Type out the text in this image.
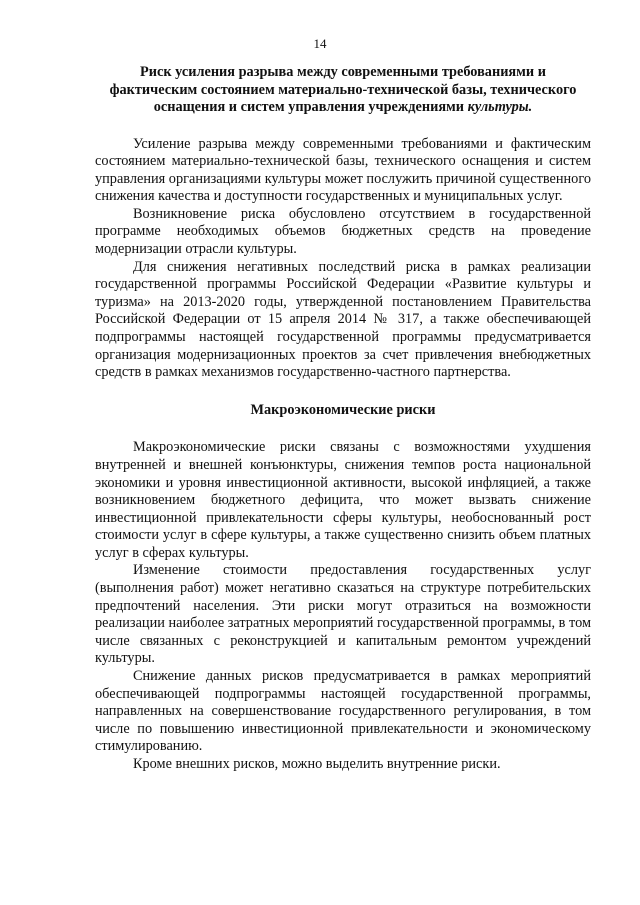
14
Риск усиления разрыва между современными требованиями и
фактическим состоянием материально-технической базы, технического
оснащения и систем управления учреждениями культуры.

Усиление разрыва между современными требованиями и фактическим состоянием материально-технической базы, технического оснащения и систем управления организациями культуры может послужить причиной существенного снижения качества и доступности государственных и муниципальных услуг.

Возникновение риска обусловлено отсутствием в государственной программе необходимых объемов бюджетных средств на проведение модернизации отрасли культуры.

Для снижения негативных последствий риска в рамках реализации государственной программы Российской Федерации «Развитие культуры и туризма» на 2013-2020 годы, утвержденной постановлением Правительства Российской Федерации от 15 апреля 2014 № 317, а также обеспечивающей подпрограммы настоящей государственной программы предусматривается организация модернизационных проектов за счет привлечения внебюджетных средств в рамках механизмов государственно-частного партнерства.

Макроэкономические риски

Макроэкономические риски связаны с возможностями ухудшения внутренней и внешней конъюнктуры, снижения темпов роста национальной экономики и уровня инвестиционной активности, высокой инфляцией, а также возникновением бюджетного дефицита, что может вызвать снижение инвестиционной привлекательности сферы культуры, необоснованный рост стоимости услуг в сфере культуры, а также существенно снизить объем платных услуг в сферах культуры.

Изменение стоимости предоставления государственных услуг (выполнения работ) может негативно сказаться на структуре потребительских предпочтений населения. Эти риски могут отразиться на возможности реализации наиболее затратных мероприятий государственной программы, в том числе связанных с реконструкцией и капитальным ремонтом учреждений культуры.

Снижение данных рисков предусматривается в рамках мероприятий обеспечивающей подпрограммы настоящей государственной программы, направленных на совершенствование государственного регулирования, в том числе по повышению инвестиционной привлекательности и экономическому стимулированию.

Кроме внешних рисков, можно выделить внутренние риски.
